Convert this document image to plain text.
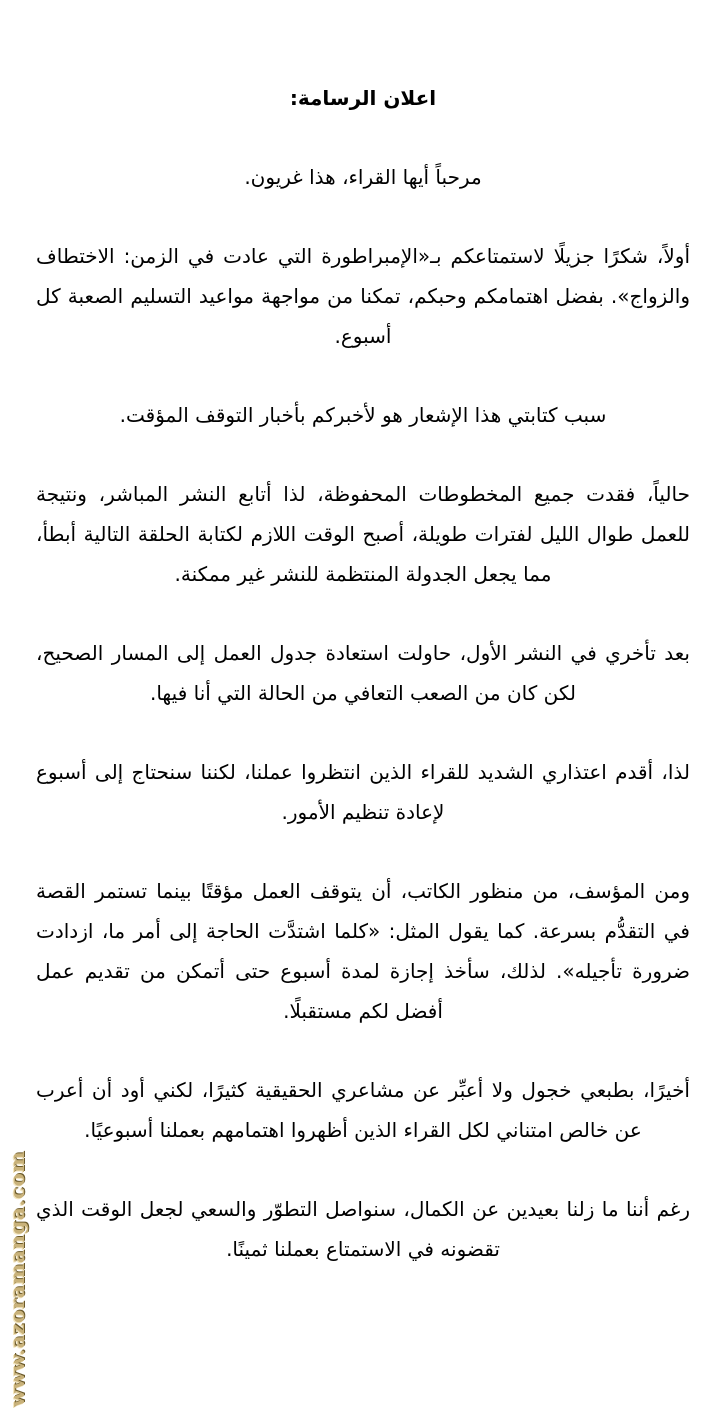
اعلان الرسامة:

مرحباً أيها القراء، هذا غريون.

أولاً، شكرًا جزيلًا لاستمتاعكم بـ«الإمبراطورة التي عادت في الزمن: الاختطاف والزواج». بفضل اهتمامكم وحبكم، تمكنا من مواجهة مواعيد التسليم الصعبة كل أسبوع.

سبب كتابتي هذا الإشعار هو لأخبركم بأخبار التوقف المؤقت.

حالياً، فقدت جميع المخطوطات المحفوظة، لذا أتابع النشر المباشر، ونتيجة للعمل طوال الليل لفترات طويلة، أصبح الوقت اللازم لكتابة الحلقة التالية أبطأ، مما يجعل الجدولة المنتظمة للنشر غير ممكنة.

بعد تأخري في النشر الأول، حاولت استعادة جدول العمل إلى المسار الصحيح، لكن كان من الصعب التعافي من الحالة التي أنا فيها.

لذا، أقدم اعتذاري الشديد للقراء الذين انتظروا عملنا، لكننا سنحتاج إلى أسبوع لإعادة تنظيم الأمور.

ومن المؤسف، من منظور الكاتب، أن يتوقف العمل مؤقتًا بينما تستمر القصة في التقدُّم بسرعة. كما يقول المثل: «كلما اشتدَّت الحاجة إلى أمر ما، ازدادت ضرورة تأجيله». لذلك، سأخذ إجازة لمدة أسبوع حتى أتمكن من تقديم عمل أفضل لكم مستقبلًا.

أخيرًا، بطبعي خجول ولا أعبِّر عن مشاعري الحقيقية كثيرًا، لكني أود أن أعرب عن خالص امتناني لكل القراء الذين أظهروا اهتمامهم بعملنا أسبوعيًا.

رغم أننا ما زلنا بعيدين عن الكمال، سنواصل التطوّر والسعي لجعل الوقت الذي تقضونه في الاستمتاع بعملنا ثمينًا.

www.azoramanga.com
